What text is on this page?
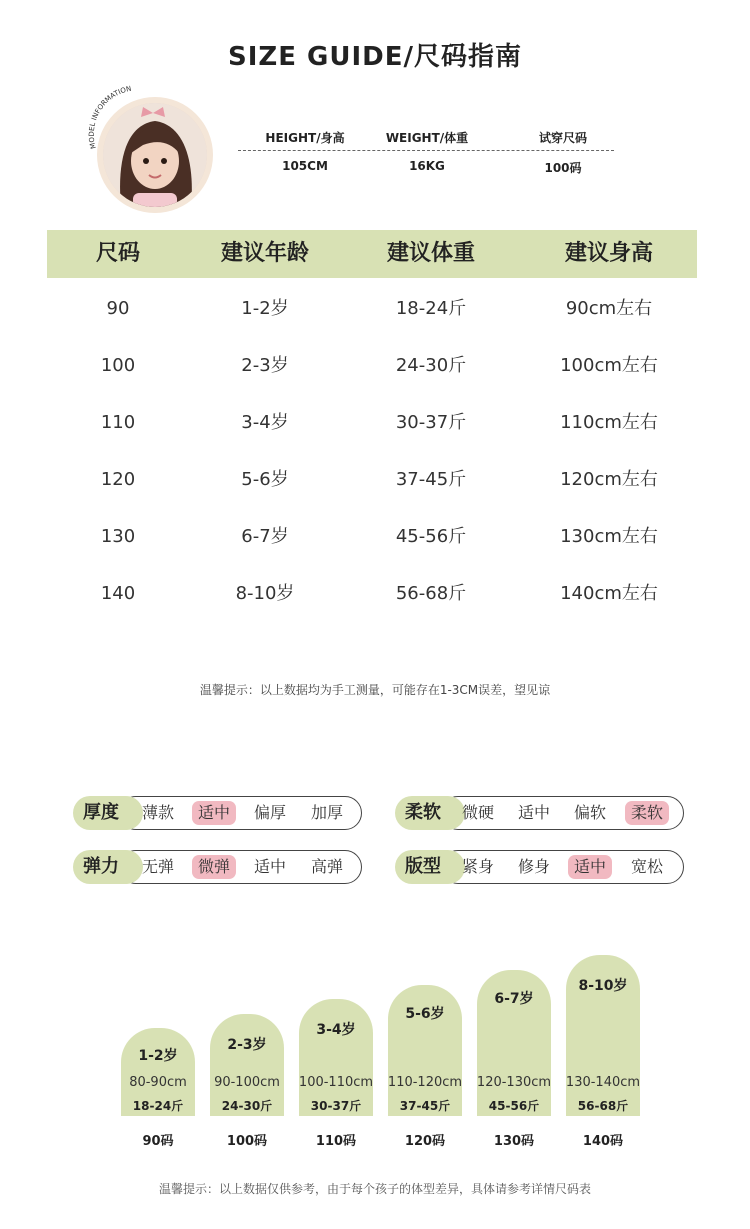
SIZE GUIDE/尺码指南
MODEL INFORMATION
HEIGHT/身高	WEIGHT/体重	试穿尺码
105CM	16KG	100码
尺码	建议年龄	建议体重	建议身高
90	1-2岁	18-24斤	90cm左右
100	2-3岁	24-30斤	100cm左右
110	3-4岁	30-37斤	110cm左右
120	5-6岁	37-45斤	120cm左右
130	6-7岁	45-56斤	130cm左右
140	8-10岁	56-68斤	140cm左右
温馨提示：以上数据均为手工测量，可能存在1-3CM误差，望见谅
厚度	薄款	适中	偏厚	加厚	柔软	微硬	适中	偏软	柔软
弹力	无弹	微弹	适中	高弹	版型	紧身	修身	适中	宽松
1-2岁
80-90cm
18-24斤
90码
2-3岁
90-100cm
24-30斤
100码
3-4岁
100-110cm
30-37斤
110码
5-6岁
110-120cm
37-45斤
120码
6-7岁
120-130cm
45-56斤
130码
8-10岁
130-140cm
56-68斤
140码
温馨提示：以上数据仅供参考，由于每个孩子的体型差异，具体请参考详情尺码表
